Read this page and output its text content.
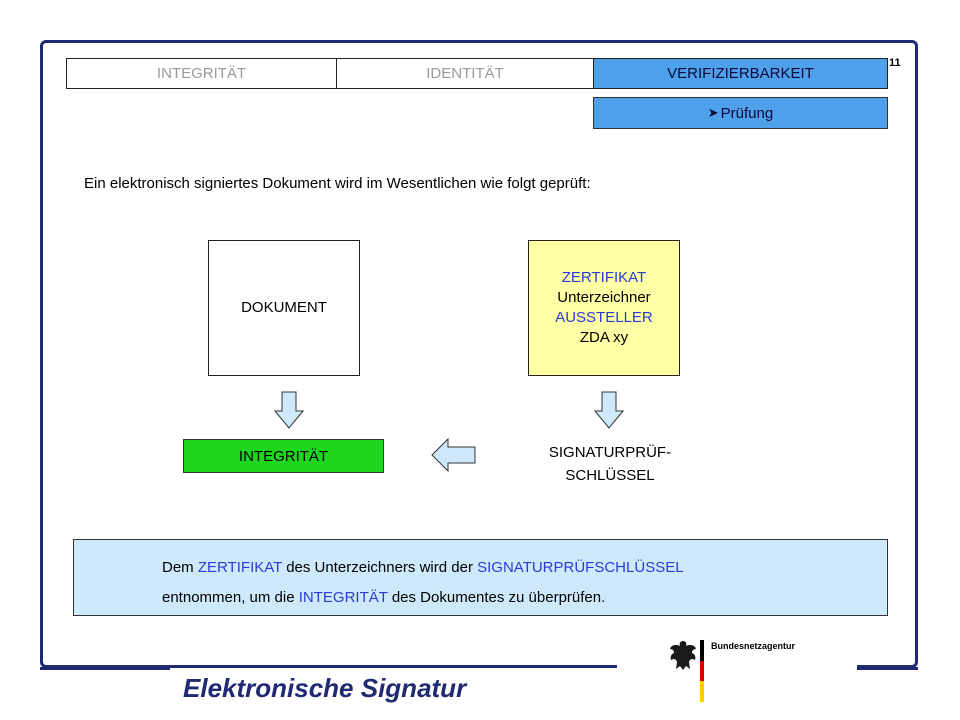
11
INTEGRITÄT	IDENTITÄT	VERIFIZIERBARKEIT
➤ Prüfung
Ein elektronisch signiertes Dokument wird im Wesentlichen wie folgt geprüft:
DOKUMENT
ZERTIFIKAT
Unterzeichner
AUSSTELLER
ZDA xy
INTEGRITÄT	SIGNATURPRÜF-
SCHLÜSSEL
Dem ZERTIFIKAT des Unterzeichners wird der SIGNATURPRÜFSCHLÜSSEL
entnommen, um die INTEGRITÄT des Dokumentes zu überprüfen.
Elektronische Signatur
Bundesnetzagentur
